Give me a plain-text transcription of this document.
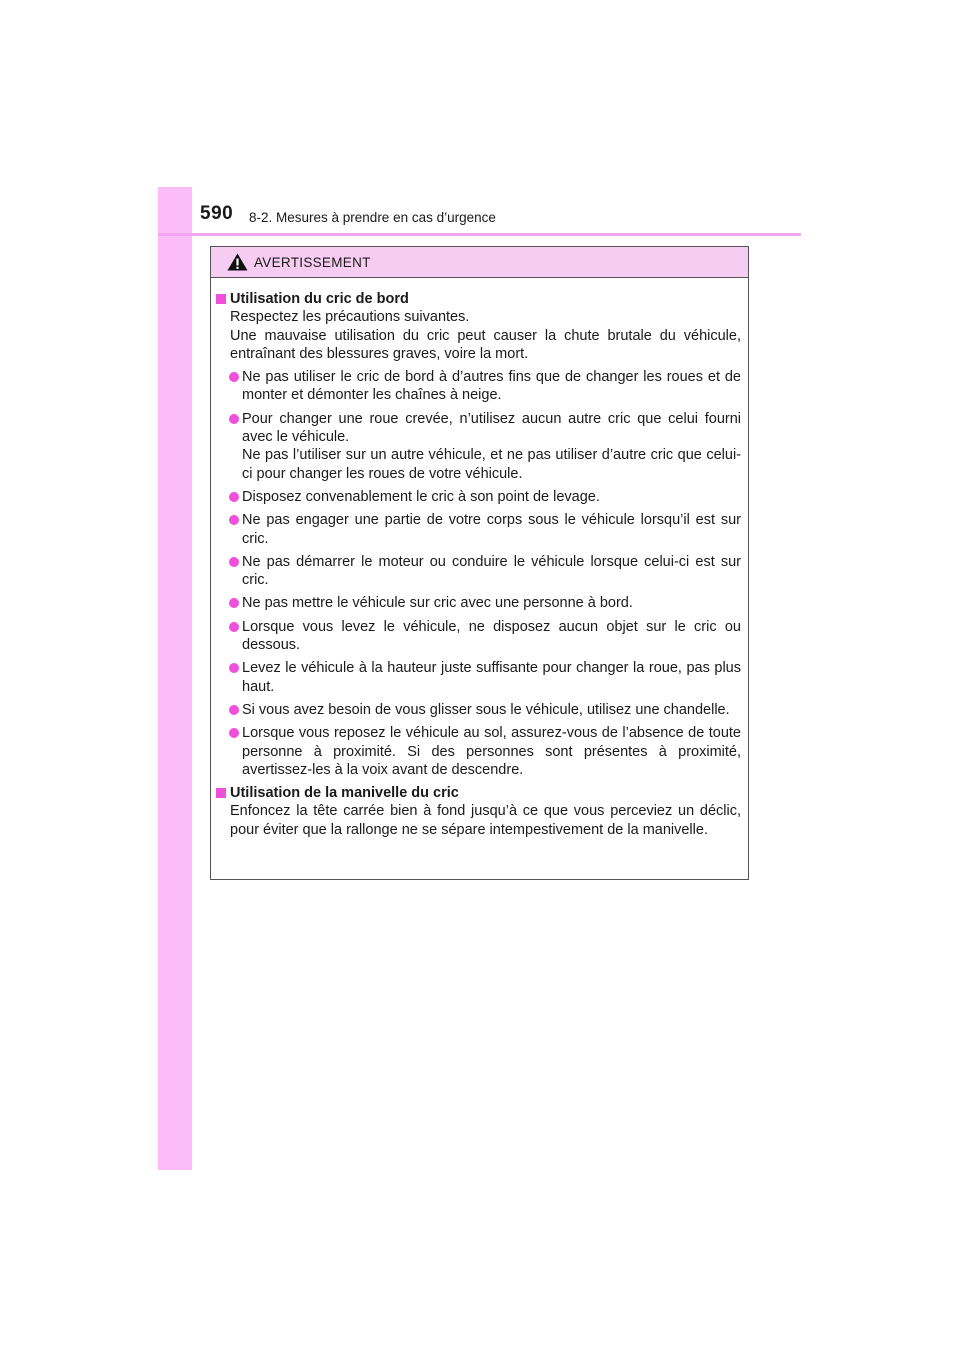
590 8-2. Mesures à prendre en cas d’urgence
AVERTISSEMENT
Utilisation du cric de bord
Respectez les précautions suivantes.
Une mauvaise utilisation du cric peut causer la chute brutale du véhicule, entraînant des blessures graves, voire la mort.
Ne pas utiliser le cric de bord à d’autres fins que de changer les roues et de monter et démonter les chaînes à neige.
Pour changer une roue crevée, n’utilisez aucun autre cric que celui fourni avec le véhicule.
Ne pas l’utiliser sur un autre véhicule, et ne pas utiliser d’autre cric que celui-ci pour changer les roues de votre véhicule.
Disposez convenablement le cric à son point de levage.
Ne pas engager une partie de votre corps sous le véhicule lorsqu’il est sur cric.
Ne pas démarrer le moteur ou conduire le véhicule lorsque celui-ci est sur cric.
Ne pas mettre le véhicule sur cric avec une personne à bord.
Lorsque vous levez le véhicule, ne disposez aucun objet sur le cric ou dessous.
Levez le véhicule à la hauteur juste suffisante pour changer la roue, pas plus haut.
Si vous avez besoin de vous glisser sous le véhicule, utilisez une chandelle.
Lorsque vous reposez le véhicule au sol, assurez-vous de l’absence de toute personne à proximité. Si des personnes sont présentes à proximité, avertissez-les à la voix avant de descendre.
Utilisation de la manivelle du cric
Enfoncez la tête carrée bien à fond jusqu’à ce que vous perceviez un déclic, pour éviter que la rallonge ne se sépare intempestivement de la manivelle.
